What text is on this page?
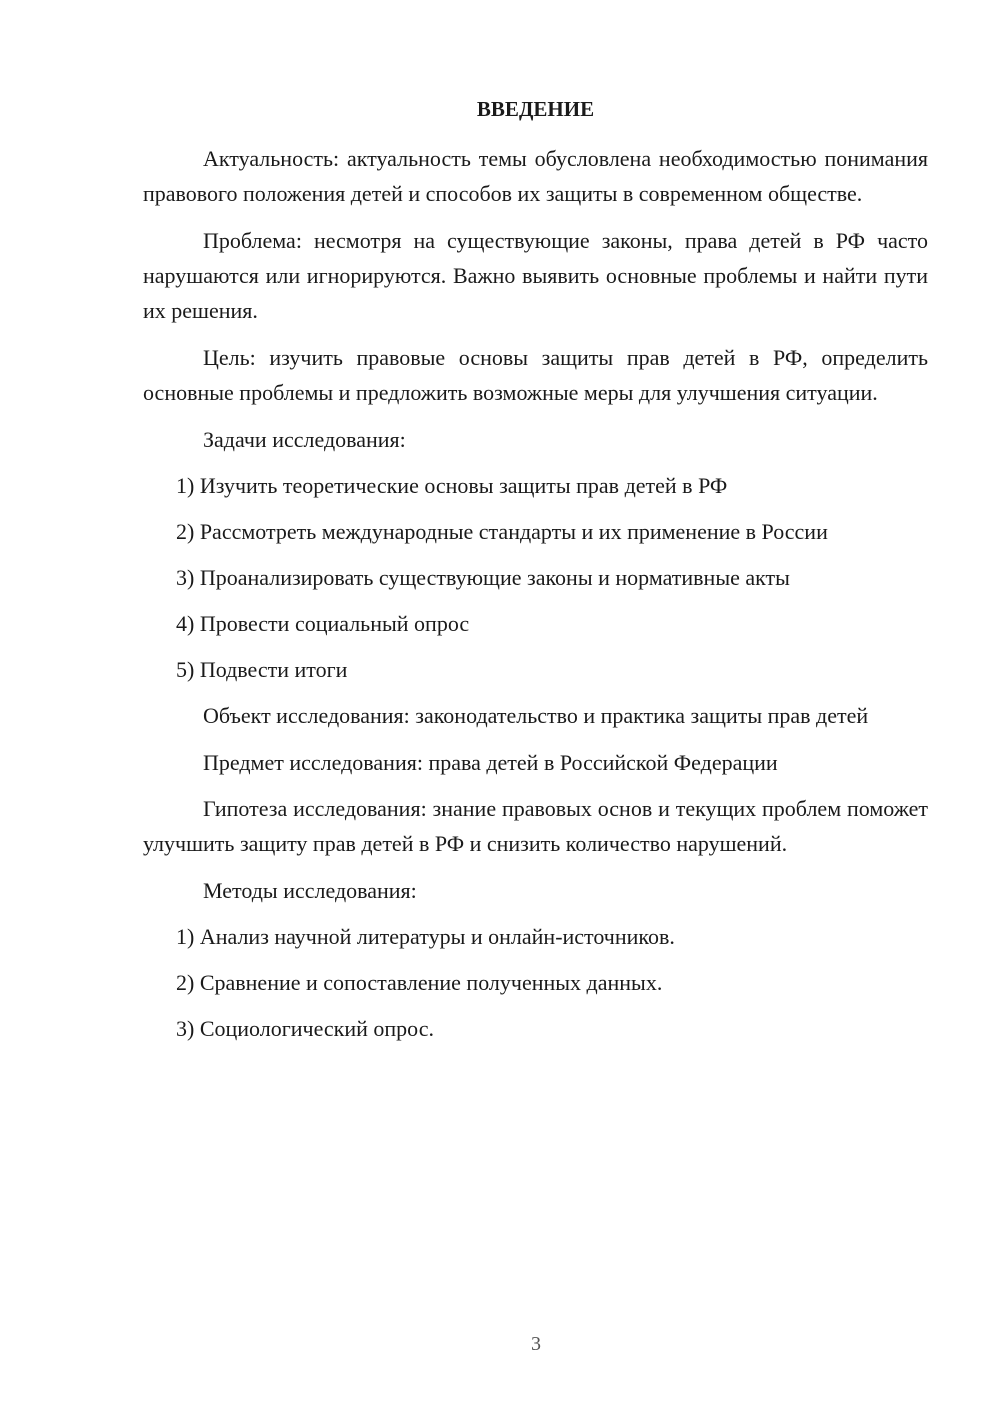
ВВЕДЕНИЕ

Актуальность: актуальность темы обусловлена необходимостью понимания правового положения детей и способов их защиты в современном обществе.

Проблема: несмотря на существующие законы, права детей в РФ часто нарушаются или игнорируются. Важно выявить основные проблемы и найти пути их решения.

Цель: изучить правовые основы защиты прав детей в РФ, определить основные проблемы и предложить возможные меры для улучшения ситуации.

Задачи исследования:

1) Изучить теоретические основы защиты прав детей в РФ
2) Рассмотреть международные стандарты и их применение в России
3) Проанализировать существующие законы и нормативные акты
4) Провести социальный опрос
5) Подвести итоги

Объект исследования: законодательство и практика защиты прав детей

Предмет исследования: права детей в Российской Федерации

Гипотеза исследования: знание правовых основ и текущих проблем поможет улучшить защиту прав детей в РФ и снизить количество нарушений.

Методы исследования:

1) Анализ научной литературы и онлайн-источников.
2) Сравнение и сопоставление полученных данных.
3) Социологический опрос.
3
